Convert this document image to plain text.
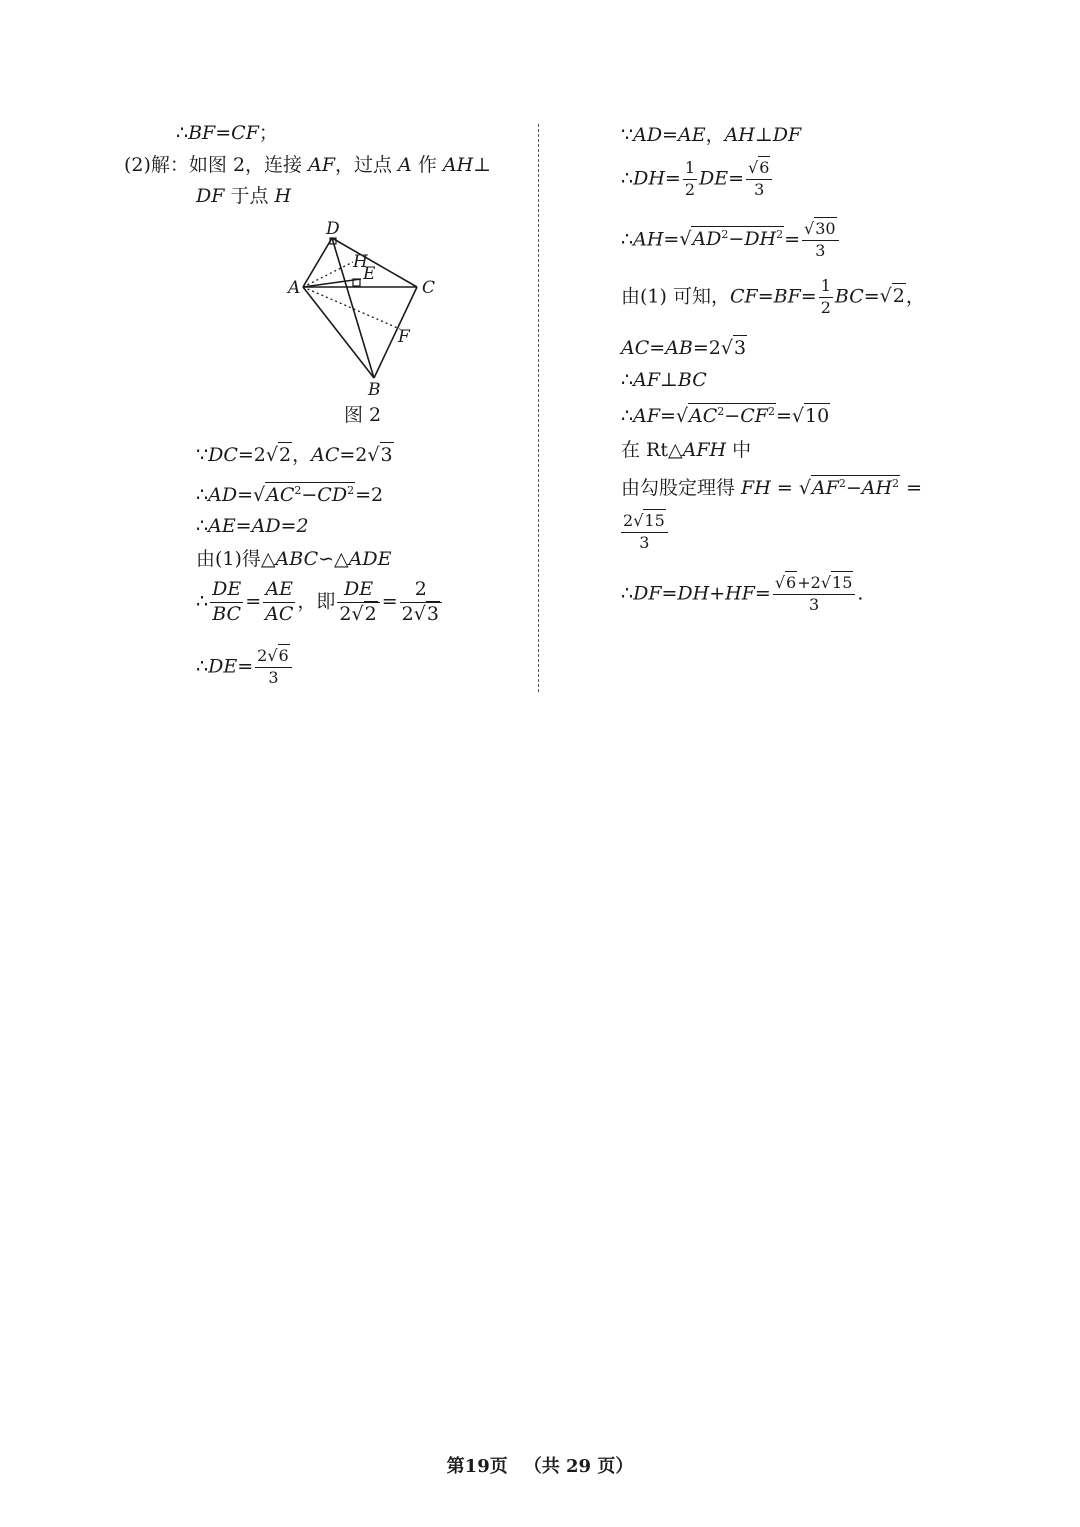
∴BF=CF；
(2)解：如图 2，连接 AF，过点 A 作 AH⊥
DF 于点 H
D
H
E
A	C
F
B
图 2
∵DC=2√2，AC=2√3
$\therefore AD=√AC^2-CD^2=2$
∴AE=AD=2
由(1)得△ABC∽△ADE
∴ $\frac{DE}{BC} = \frac{AE}{AC}$ ，即 $\frac{DE}{2√2} = \frac{2}{2√3}$
∴DE= $\frac{2√6}{3}$
∵AD=AE，AH⊥DF
∴DH= $\frac{1}{2} DE= \frac{√6}{3}$
$\therefore AH=√AD^2-DH^2= \frac{√30}{3}$
由(1) 可知，$CF=BF= \frac{1}{2} BC=√2$，
AC=AB=2√3
∴AF⊥BC
$\therefore AF=√AC^2-CF^2=√10$
在 Rt△AFH 中
由勾股定理得 FH = $√AF^2-AH^2$ =
$\frac{2√15}{3}$
∴DF=DH+HF= $\frac{√6+2√15}{3}$ .
第19页 （共 29 页）
